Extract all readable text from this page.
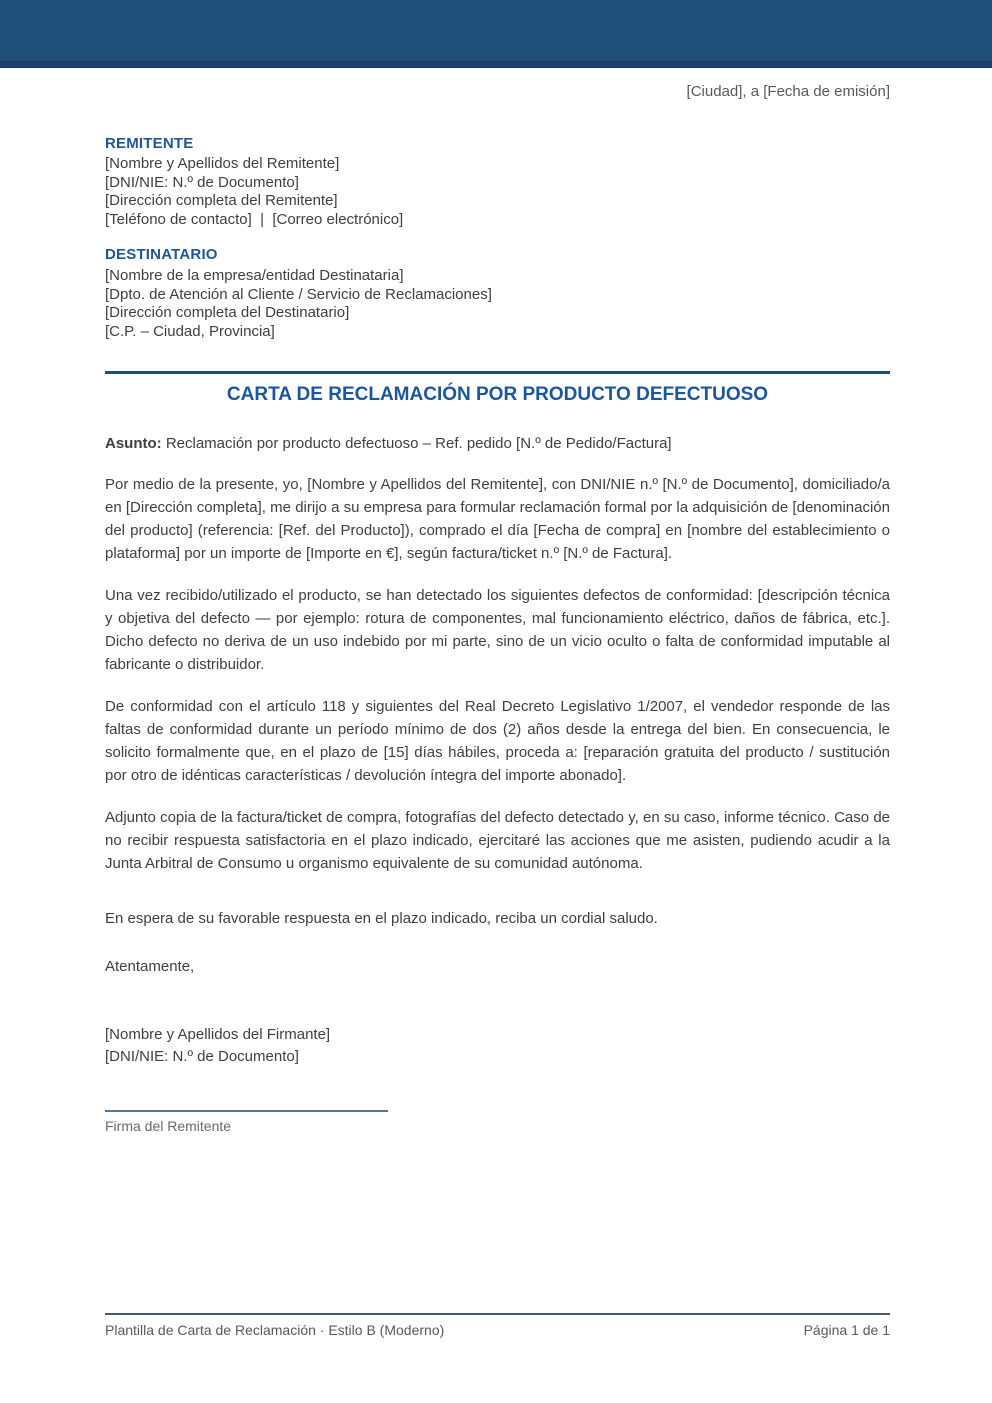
[Ciudad], a [Fecha de emisión]
REMITENTE
[Nombre y Apellidos del Remitente]
[DNI/NIE: N.º de Documento]
[Dirección completa del Remitente]
[Teléfono de contacto]  |  [Correo electrónico]
DESTINATARIO
[Nombre de la empresa/entidad Destinataria]
[Dpto. de Atención al Cliente / Servicio de Reclamaciones]
[Dirección completa del Destinatario]
[C.P. – Ciudad, Provincia]
CARTA DE RECLAMACIÓN POR PRODUCTO DEFECTUOSO
Asunto: Reclamación por producto defectuoso – Ref. pedido [N.º de Pedido/Factura]

Por medio de la presente, yo, [Nombre y Apellidos del Remitente], con DNI/NIE n.º [N.º de Documento], domiciliado/a en [Dirección completa], me dirijo a su empresa para formular reclamación formal por la adquisición de [denominación del producto] (referencia: [Ref. del Producto]), comprado el día [Fecha de compra] en [nombre del establecimiento o plataforma] por un importe de [Importe en €], según factura/ticket n.º [N.º de Factura].

Una vez recibido/utilizado el producto, se han detectado los siguientes defectos de conformidad: [descripción técnica y objetiva del defecto — por ejemplo: rotura de componentes, mal funcionamiento eléctrico, daños de fábrica, etc.]. Dicho defecto no deriva de un uso indebido por mi parte, sino de un vicio oculto o falta de conformidad imputable al fabricante o distribuidor.

De conformidad con el artículo 118 y siguientes del Real Decreto Legislativo 1/2007, el vendedor responde de las faltas de conformidad durante un período mínimo de dos (2) años desde la entrega del bien. En consecuencia, le solicito formalmente que, en el plazo de [15] días hábiles, proceda a: [reparación gratuita del producto / sustitución por otro de idénticas características / devolución íntegra del importe abonado].

Adjunto copia de la factura/ticket de compra, fotografías del defecto detectado y, en su caso, informe técnico. Caso de no recibir respuesta satisfactoria en el plazo indicado, ejercitaré las acciones que me asisten, pudiendo acudir a la Junta Arbitral de Consumo u organismo equivalente de su comunidad autónoma.

En espera de su favorable respuesta en el plazo indicado, reciba un cordial saludo.

Atentamente,

[Nombre y Apellidos del Firmante]
[DNI/NIE: N.º de Documento]
Firma del Remitente
Plantilla de Carta de Reclamación · Estilo B (Moderno)	Página 1 de 1
